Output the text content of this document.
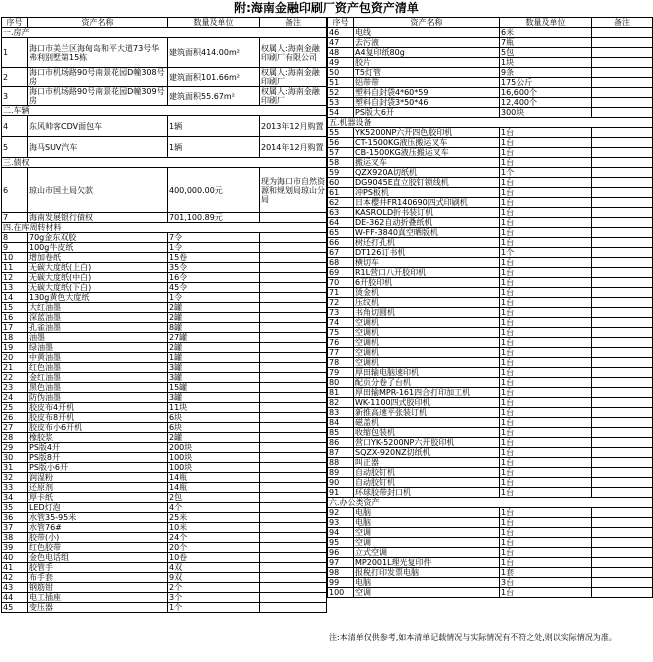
附:海南金融印刷厂资产包资产清单
序号	资产名称	数量及单位	备注
一.房产			
1	海口市美兰区海甸岛和平大道73号华弗利别墅第15栋	建筑面积414.00m²	权属人:海南金融印刷厂有限公司
2	海口市机场路90号南景花园D幢308号房	建筑面积101.66m²	权属人:海南金融印刷厂
3	海口市机场路90号南景花园D幢309号房	建筑面积55.67m²	权属人:海南金融印刷厂
二.车辆			
4	东风帅客CDV面包车	1辆	2013年12月购置
5	海马SUV汽车	1辆	2014年12月购置
三.债权			
6	琼山市国土局欠款	400,000.00元	现为海口市自然资源和规划局琼山分局
7	海南发展银行债权	701,100.89元	
四.在库周转材料			
8	70g金东双胶	7令	
9	100g牛皮纸	1令	
10	增加卷纸	15卷	
11	无碳大度纸(上白)	35令	
12	无碳大度纸(中白)	16令	
13	无碳大度纸(下白)	45令	
14	130g黄色大度纸	1令	
15	大红油墨	2罐	
16	深蓝油墨	2罐	
17	孔雀油墨	8罐	
18	油墨	27罐	
19	绿油墨	2罐	
20	中黄油墨	1罐	
21	红色油墨	3罐	
22	金红油墨	3罐	
23	黑色油墨	15罐	
24	防伪油墨	3罐	
25	胶皮布4开机	11块	
26	胶皮布8开机	6块	
27	胶皮布小6开机	6块	
28	橡胶浆	2罐	
29	PS版4开	200块	
30	PS版8开	100块	
31	PS版小6开	100块	
32	润湿粉	14瓶	
33	还原剂	14瓶	
34	厚卡纸	2包	
35	LED灯泡	4个	
36	水管35-95米	25米	
37	水管76#	10米	
38	胶带(小)	24个	
39	红色胶带	20个	
40	金色电话组	10卷	
41	胶管手	4双	
42	布手套	9双	
43	钢筋钳	2个	
44	电工插座	3个	
45	变压器	1个	
序号	资产名称	数量及单位	备注
46	电线	6米	
47	去污液	7瓶	
48	A4复印纸80g	5包	
49	胶片	1块	
50	T5灯管	9条	
51	铝带带	175公斤	
52	塑料自封袋4*60*59	16,600个	
53	塑料自封袋3*50*46	12,400个	
54	PS版大6开	300块	
五.机器设备			
55	YK5200NP六开四色胶印机	1台	
56	CT-1500KG液压搬运叉车	1台	
57	CB-1500KG液压搬运叉车	1台	
58	搬运叉车	1台	
59	QZX920A切纸机	1个	
60	DG9045E直立胶钉锁线机	1台	
61	冲PS板机	1台	
62	日本樱井FR140690四式印刷机	1台	
63	KASROLD折书装订机	1台	
64	DE-362自动折叠纸机	1台	
65	W-FF-3840真空晒版机	1台	
66	树还打孔机	1台	
67	DT126订书机	1个	
68	横切车	1台	
69	R1L营口八开胶印机	1台	
70	6开胶印机	1台	
71	烫金机	1台	
72	压纹机	1台	
73	书角切圆机	1台	
74	空调机	1台	
75	空调机	1台	
76	空调机	1台	
77	空调机	1台	
78	空调机	1台	
79	厚田输电脑速印机	1台	
80	配页分卷了台机	1台	
81	厚田输MPR-161四合打印加工机	1台	
82	WK-1100四式胶印机	1台	
83	新推高速平张装订机	1台	
84	磁盖机	1台	
85	收缩包装机	1台	
86	营口YK-5200NP六开胶印机	1台	
87	SQZX-920NZ切纸机	1台	
88	叫正器	1台	
89	自动胶钉机	1台	
90	自动胶钉机	1台	
91	环球胶带封口机	1台	
六.办公类资产			
92	电脑	1台	
93	电脑	1台	
94	空调	1台	
95	空调	1台	
96	立式空调	1台	
97	MP2001L理光复印件	1台	
98	报税打印发票电脑	1套	
99	电脑	3台	
100	空调	1台	
注:本清单仅供参考,如本清单记载情况与实际情况有不符之处,则以实际情况为准。
